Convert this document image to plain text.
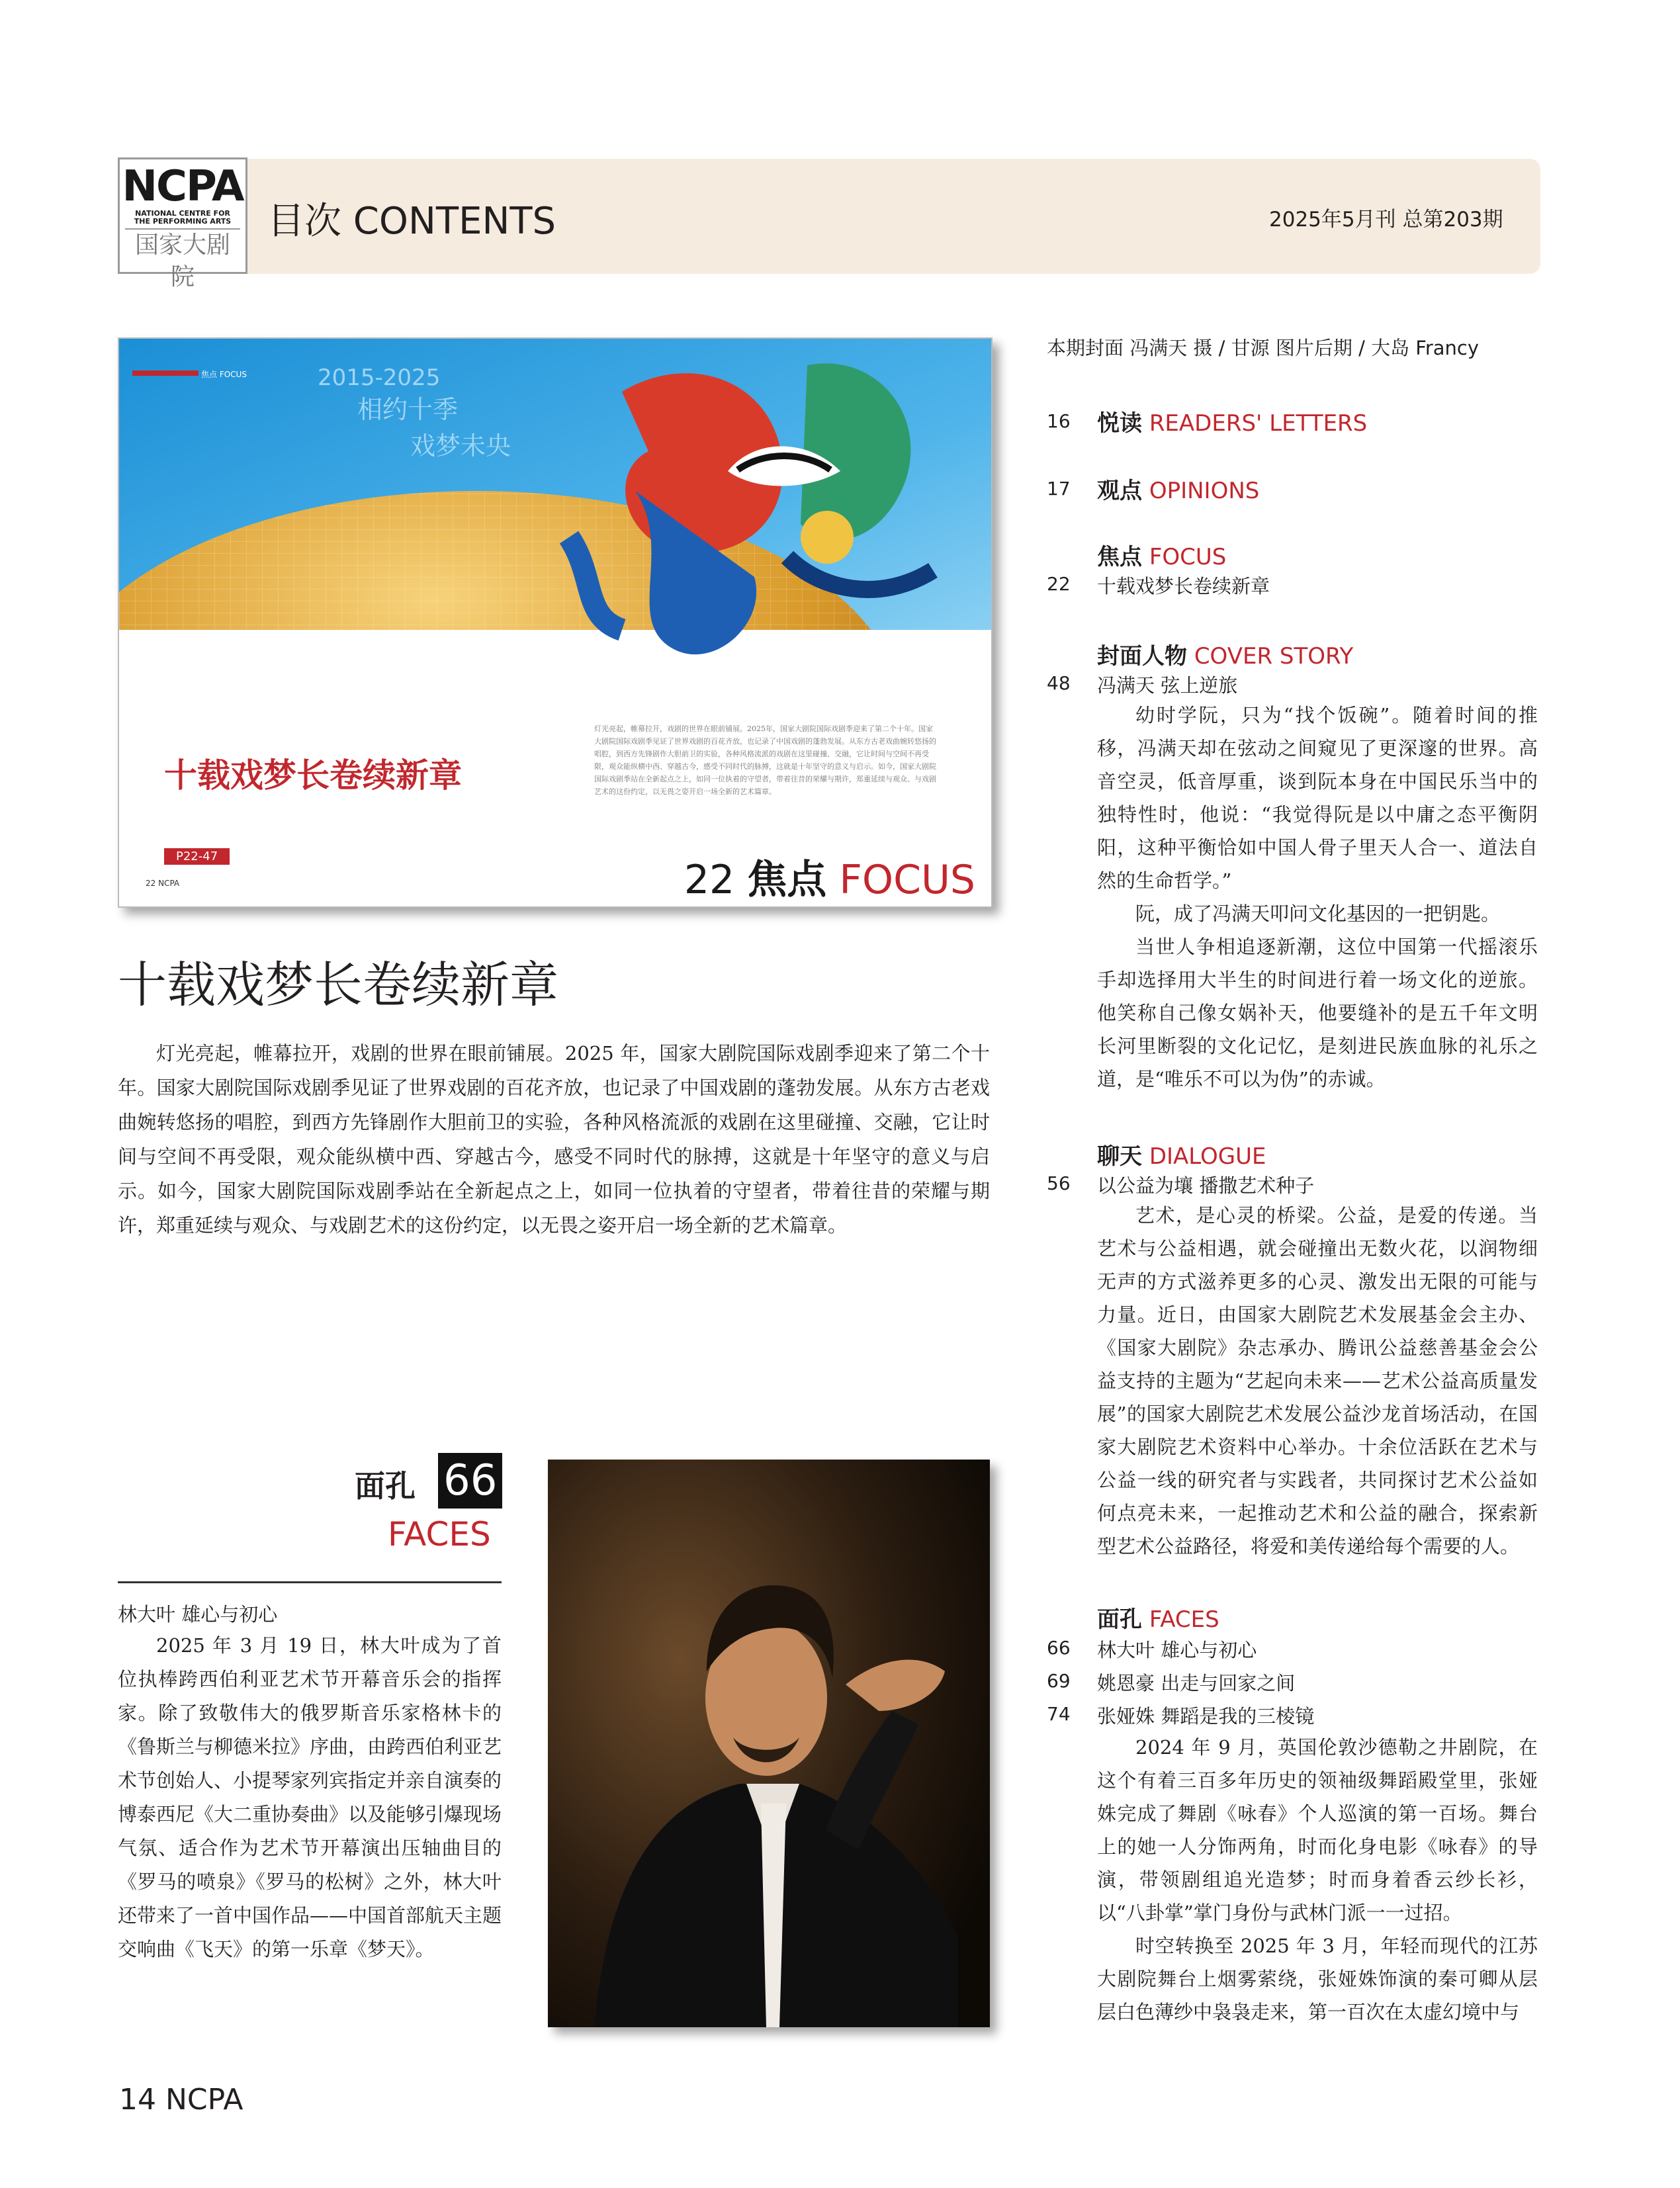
NCPA
NATIONAL CENTRE FOR
THE PERFORMING ARTS
国家大剧院
目次 CONTENTS	2025年5月刊 总第203期
焦点 FOCUS	2015-2025
相约十季
戏梦未央
十载戏梦长卷续新章
灯光亮起，帷幕拉开，戏剧的世界在眼前铺展。2025年，国家大剧院国际戏剧季迎来了第二个十年。国家大剧院国际戏剧季见证了世界戏剧的百花齐放，也记录了中国戏剧的蓬勃发展。从东方古老戏曲婉转悠扬的唱腔，到西方先锋剧作大胆前卫的实验，各种风格流派的戏剧在这里碰撞、交融，它让时间与空间不再受限，观众能纵横中西、穿越古今，感受不同时代的脉搏，这就是十年坚守的意义与启示。如今，国家大剧院国际戏剧季站在全新起点之上，如同一位执着的守望者，带着往昔的荣耀与期许，郑重延续与观众、与戏剧艺术的这份约定，以无畏之姿开启一场全新的艺术篇章。
P22-47
22 NCPA	22 焦点 FOCUS
十载戏梦长卷续新章

灯光亮起，帷幕拉开，戏剧的世界在眼前铺展。2025 年，国家大剧院国际戏剧季迎来了第二个十年。国家大剧院国际戏剧季见证了世界戏剧的百花齐放，也记录了中国戏剧的蓬勃发展。从东方古老戏曲婉转悠扬的唱腔，到西方先锋剧作大胆前卫的实验，各种风格流派的戏剧在这里碰撞、交融，它让时间与空间不再受限，观众能纵横中西、穿越古今，感受不同时代的脉搏，这就是十年坚守的意义与启示。如今，国家大剧院国际戏剧季站在全新起点之上，如同一位执着的守望者，带着往昔的荣耀与期许，郑重延续与观众、与戏剧艺术的这份约定，以无畏之姿开启一场全新的艺术篇章。

面孔 66
FACES
林大叶 雄心与初心

2025 年 3 月 19 日，林大叶成为了首位执棒跨西伯利亚艺术节开幕音乐会的指挥家。除了致敬伟大的俄罗斯音乐家格林卡的《鲁斯兰与柳德米拉》序曲，由跨西伯利亚艺术节创始人、小提琴家列宾指定并亲自演奏的博泰西尼《大二重协奏曲》以及能够引爆现场气氛、适合作为艺术节开幕演出压轴曲目的《罗马的喷泉》《罗马的松树》之外，林大叶还带来了一首中国作品——中国首部航天主题交响曲《飞天》的第一乐章《梦天》。

14 NCPA
本期封面 冯满天 摄 / 甘源 图片后期 / 大岛 Francy
16 悦读 READERS' LETTERS
17 观点 OPINIONS
焦点 FOCUS
22 十载戏梦长卷续新章
封面人物 COVER STORY
48 冯满天 弦上逆旅

幼时学阮，只为“找个饭碗”。随着时间的推移，冯满天却在弦动之间窥见了更深邃的世界。高音空灵，低音厚重，谈到阮本身在中国民乐当中的独特性时，他说：“我觉得阮是以中庸之态平衡阴阳，这种平衡恰如中国人骨子里天人合一、道法自然的生命哲学。”

阮，成了冯满天叩问文化基因的一把钥匙。

当世人争相追逐新潮，这位中国第一代摇滚乐手却选择用大半生的时间进行着一场文化的逆旅。他笑称自己像女娲补天，他要缝补的是五千年文明长河里断裂的文化记忆，是刻进民族血脉的礼乐之道，是“唯乐不可以为伪”的赤诚。

聊天 DIALOGUE
56 以公益为壤 播撒艺术种子

艺术，是心灵的桥梁。公益，是爱的传递。当艺术与公益相遇，就会碰撞出无数火花，以润物细无声的方式滋养更多的心灵、激发出无限的可能与力量。近日，由国家大剧院艺术发展基金会主办、《国家大剧院》杂志承办、腾讯公益慈善基金会公益支持的主题为“艺起向未来——艺术公益高质量发展”的国家大剧院艺术发展公益沙龙首场活动，在国家大剧院艺术资料中心举办。十余位活跃在艺术与公益一线的研究者与实践者，共同探讨艺术公益如何点亮未来，一起推动艺术和公益的融合，探索新型艺术公益路径，将爱和美传递给每个需要的人。

面孔 FACES
66 林大叶 雄心与初心
69 姚恩豪 出走与回家之间
74 张娅姝 舞蹈是我的三棱镜

2024 年 9 月，英国伦敦沙德勒之井剧院，在这个有着三百多年历史的领袖级舞蹈殿堂里，张娅姝完成了舞剧《咏春》个人巡演的第一百场。舞台上的她一人分饰两角，时而化身电影《咏春》的导演，带领剧组追光造梦；时而身着香云纱长衫，以“八卦掌”掌门身份与武林门派一一过招。

时空转换至 2025 年 3 月，年轻而现代的江苏大剧院舞台上烟雾萦绕，张娅姝饰演的秦可卿从层层白色薄纱中袅袅走来，第一百次在太虚幻境中与
